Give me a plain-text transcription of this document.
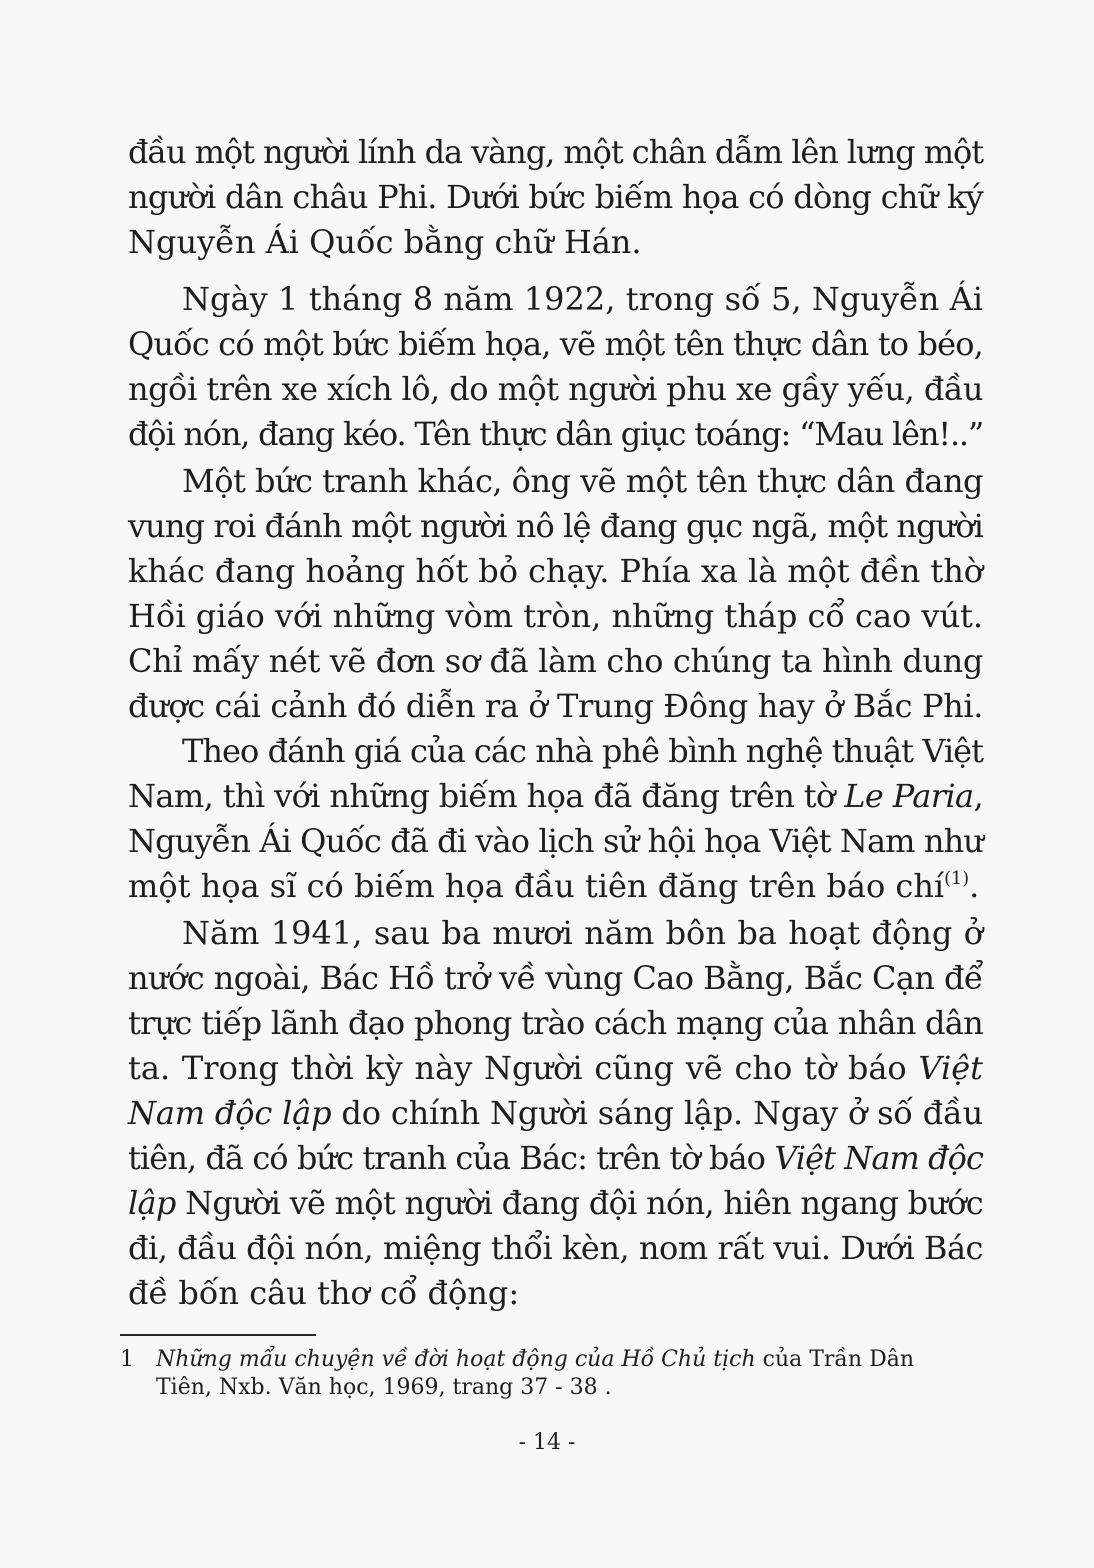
đầu một người lính da vàng, một chân dẫm lên lưng một
người dân châu Phi. Dưới bức biếm họa có dòng chữ ký
Nguyễn Ái Quốc bằng chữ Hán.
Ngày 1 tháng 8 năm 1922, trong số 5, Nguyễn Ái
Quốc có một bức biếm họa, vẽ một tên thực dân to béo,
ngồi trên xe xích lô, do một người phu xe gầy yếu, đầu
đội nón, đang kéo. Tên thực dân giục toáng: “Mau lên!..”
Một bức tranh khác, ông vẽ một tên thực dân đang
vung roi đánh một người nô lệ đang gục ngã, một người
khác đang hoảng hốt bỏ chạy. Phía xa là một đền thờ
Hồi giáo với những vòm tròn, những tháp cổ cao vút.
Chỉ mấy nét vẽ đơn sơ đã làm cho chúng ta hình dung
được cái cảnh đó diễn ra ở Trung Đông hay ở Bắc Phi.
Theo đánh giá của các nhà phê bình nghệ thuật Việt
Nam, thì với những biếm họa đã đăng trên tờ Le Paria,
Nguyễn Ái Quốc đã đi vào lịch sử hội họa Việt Nam như
một họa sĩ có biếm họa đầu tiên đăng trên báo chí$^{(1)}$.
Năm 1941, sau ba mươi năm bôn ba hoạt động ở
nước ngoài, Bác Hồ trở về vùng Cao Bằng, Bắc Cạn để
trực tiếp lãnh đạo phong trào cách mạng của nhân dân
ta. Trong thời kỳ này Người cũng vẽ cho tờ báo Việt
Nam độc lập do chính Người sáng lập. Ngay ở số đầu
tiên, đã có bức tranh của Bác: trên tờ báo Việt Nam độc
lập Người vẽ một người đang đội nón, hiên ngang bước
đi, đầu đội nón, miệng thổi kèn, nom rất vui. Dưới Bác
đề bốn câu thơ cổ động:
1 Những mẩu chuyện về đời hoạt động của Hồ Chủ tịch của Trần Dân
Tiên, Nxb. Văn học, 1969, trang 37 - 38 .
- 14 -
